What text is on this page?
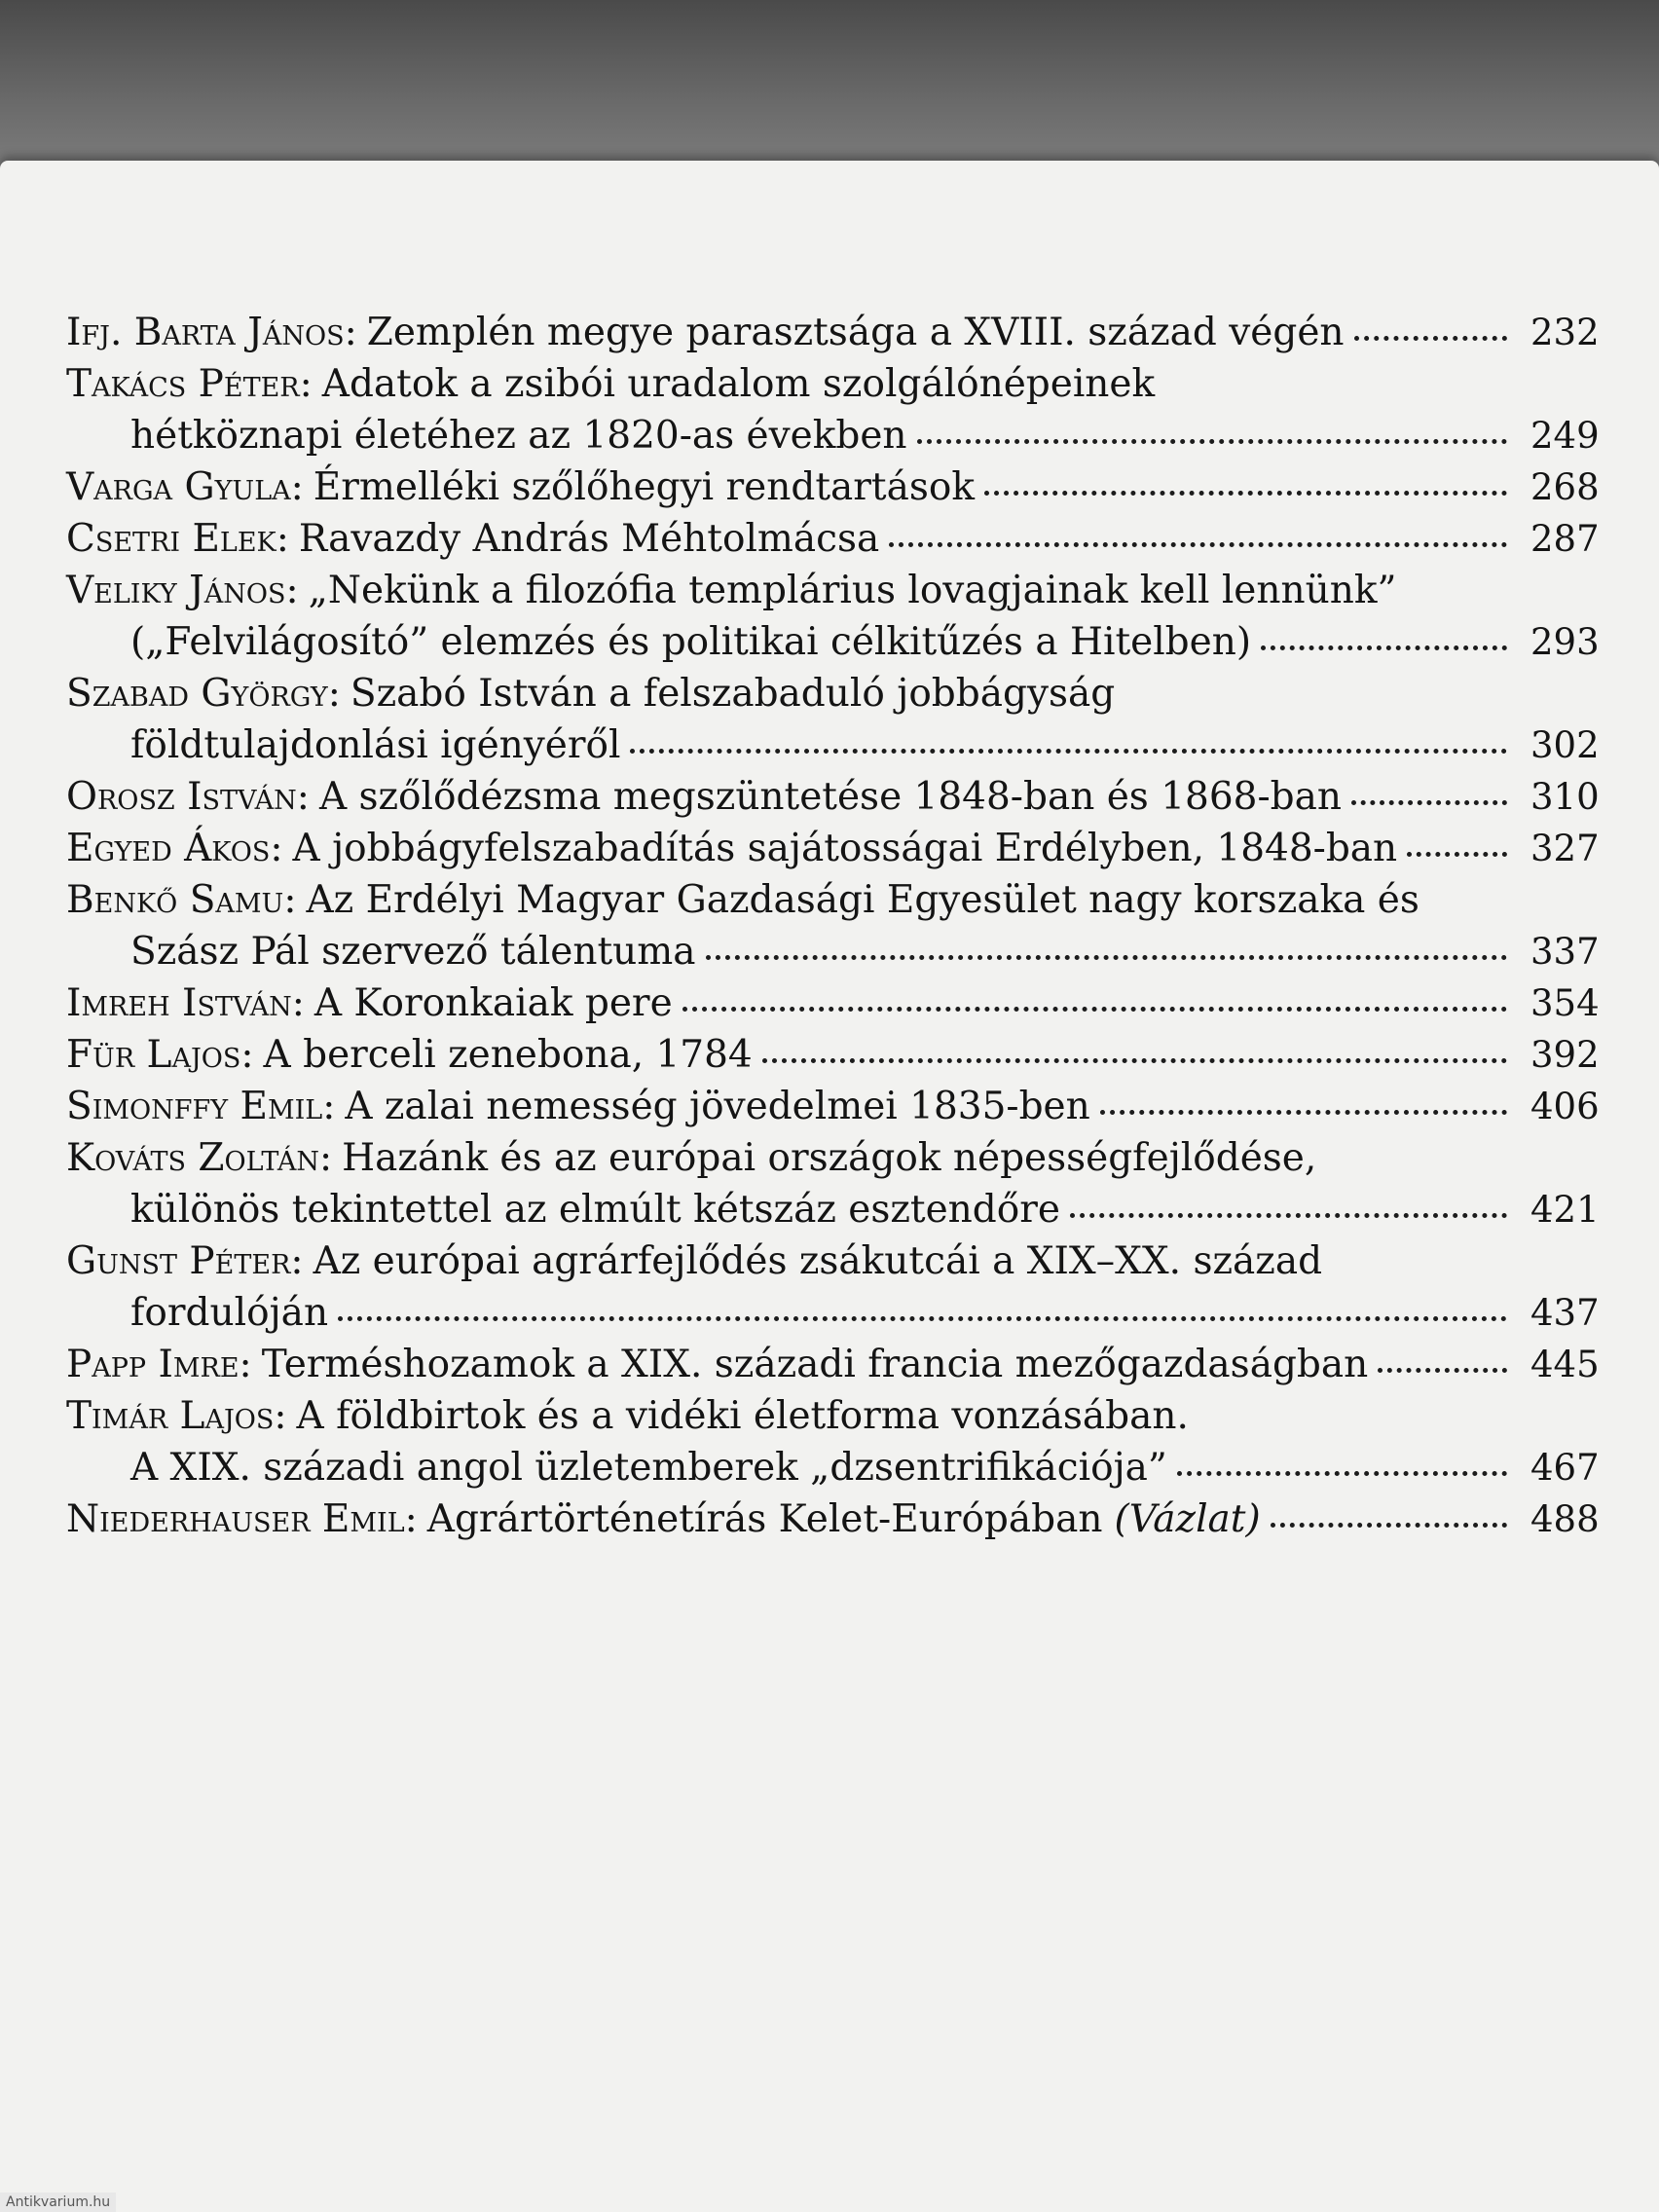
Ifj. Barta János: Zemplén megye parasztsága a XVIII. század végén	232
Takács Péter: Adatok a zsibói uradalom szolgálónépeinek
hétköznapi életéhez az 1820-as években	249
Varga Gyula: Érmelléki szőlőhegyi rendtartások	268
Csetri Elek: Ravazdy András Méhtolmácsa	287
Veliky János: „Nekünk a filozófia templárius lovagjainak kell lennünk”
(„Felvilágosító” elemzés és politikai célkitűzés a Hitelben)	293
Szabad György: Szabó István a felszabaduló jobbágyság
földtulajdonlási igényéről	302
Orosz István: A szőlődézsma megszüntetése 1848-ban és 1868-ban	310
Egyed Ákos: A jobbágyfelszabadítás sajátosságai Erdélyben, 1848-ban	327
Benkő Samu: Az Erdélyi Magyar Gazdasági Egyesület nagy korszaka és
Szász Pál szervező tálentuma	337
Imreh István: A Koronkaiak pere	354
Für Lajos: A berceli zenebona, 1784	392
Simonffy Emil: A zalai nemesség jövedelmei 1835-ben	406
Kováts Zoltán: Hazánk és az európai országok népességfejlődése,
különös tekintettel az elmúlt kétszáz esztendőre	421
Gunst Péter: Az európai agrárfejlődés zsákutcái a XIX–XX. század
fordulóján	437
Papp Imre: Terméshozamok a XIX. századi francia mezőgazdaságban	445
Timár Lajos: A földbirtok és a vidéki életforma vonzásában.
A XIX. századi angol üzletemberek „dzsentrifikációja”	467
Niederhauser Emil: Agrártörténetírás Kelet-Európában (Vázlat)	488
Antikvarium.hu
